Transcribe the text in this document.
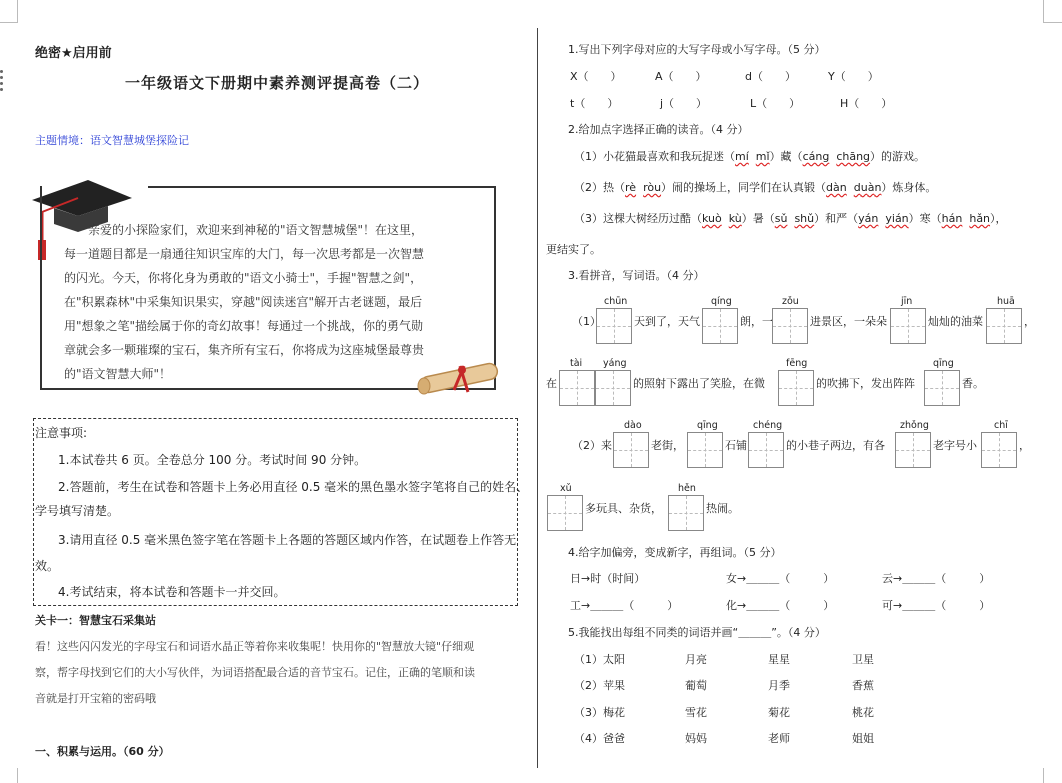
绝密★启用前
一年级语文下册期中素养测评提高卷（二）
主题情境：语文智慧城堡探险记
亲爱的小探险家们，欢迎来到神秘的"语文智慧城堡"！在这里，
每一道题目都是一扇通往知识宝库的大门，每一次思考都是一次智慧
的闪光。今天，你将化身为勇敢的"语文小骑士"，手握"智慧之剑"，
在"积累森林"中采集知识果实，穿越"阅读迷宫"解开古老谜题，最后
用"想象之笔"描绘属于你的奇幻故事！每通过一个挑战，你的勇气勋
章就会多一颗璀璨的宝石，集齐所有宝石，你将成为这座城堡最尊贵
的"语文智慧大师"！
注意事项:
1.本试卷共 6 页。全卷总分 100 分。考试时间 90 分钟。
2.答题前，考生在试卷和答题卡上务必用直径 0.5 毫米的黑色墨水签字笔将自己的姓名、
学号填写清楚。
3.请用直径 0.5 毫米黑色签字笔在答题卡上各题的答题区域内作答，在试题卷上作答无
效。
4.考试结束，将本试卷和答题卡一并交回。
关卡一：智慧宝石采集站
看！这些闪闪发光的字母宝石和词语水晶正等着你来收集呢！快用你的"智慧放大镜"仔细观
察，帮字母找到它们的大小写伙伴，为词语搭配最合适的音节宝石。记住，正确的笔顺和读
音就是打开宝箱的密码哦
一、积累与运用。（60 分）
1.写出下列字母对应的大写字母或小写字母。（5 分）
X（　　）	A（　　）	d（　　）	Y（　　）
t（　　）	j（　　）	L（　　）	H（　　）
2.给加点字选择正确的读音。（4 分）
（1）小花猫最喜欢和我玩捉迷（mí mǐ）藏（cáng chāng）的游戏。
（2）热（rè ròu）闹的操场上，同学们在认真锻（dàn duàn）炼身体。
（3）这棵大树经历过酷（kuò kù）暑（sǔ shǔ）和严（yán yián）寒（hán hǎn），
更结实了。
3.看拼音，写词语。（4 分）
（1）
chūn
天到了，天气
qíng
朗，一
zǒu
进景区，一朵朵
jīn
灿灿的油菜
huā
，
在
tài yáng
的照射下露出了笑脸，在微
fēng
的吹拂下，发出阵阵
qīng
香。
（2）来
dào
老街，
qīng
石铺
chéng
的小巷子两边，有各
zhǒng
老字号小
chī
，
xǔ
多玩具、杂货，
hěn
热闹。
4.给字加偏旁，变成新字，再组词。（5 分）
日→时（时间）	女→＿＿＿（　　　）	云→＿＿＿（　　　）
工→＿＿＿（　　　）	化→＿＿＿（　　　）	可→＿＿＿（　　　）
5.我能找出每组不同类的词语并画“＿＿＿”。（4 分）
（1）太阳	月亮	星星	卫星
（2）苹果	葡萄	月季	香蕉
（3）梅花	雪花	菊花	桃花
（4）爸爸	妈妈	老师	姐姐
